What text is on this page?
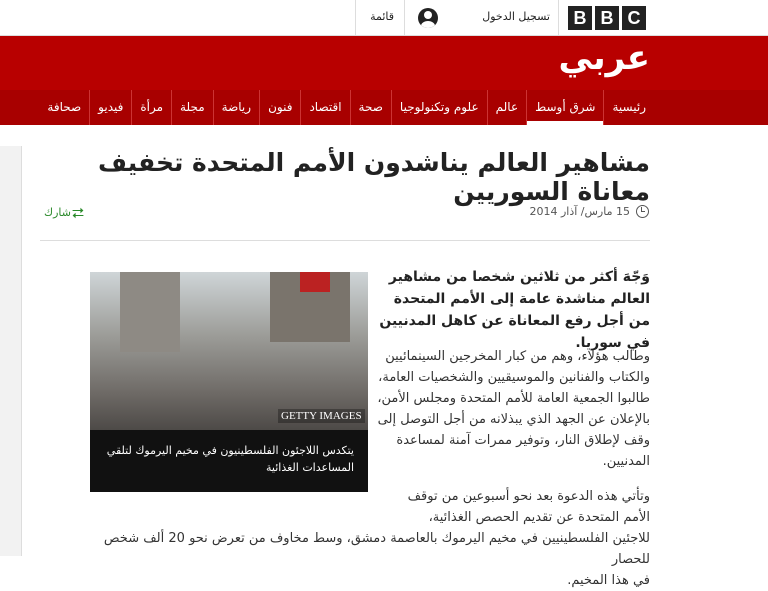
B B C
تسجيل الدخول
قائمة
عربي
رئيسية
شرق أوسط
عالم
علوم وتكنولوجيا
صحة
اقتصاد
فنون
رياضة
مجلة
مرأة
فيديو
صحافة
مشاهير العالم يناشدون الأمم المتحدة تخفيف معاناة السوريين
15 مارس/ آذار 2014
⮂
شارك
GETTY IMAGES
يتكدس اللاجئون الفلسطينيون في مخيم اليرموك لتلقي المساعدات الغذائية

وَجّهَ أكثر من ثلاثين شخصا من مشاهير العالم مناشدة عامة إلى الأمم المتحدة من أجل رفع المعاناة عن كاهل المدنيين في سوريا.

وطالب هؤلاء، وهم من كبار المخرجين السينمائيين والكتاب والفنانين والموسيقيين والشخصيات العامة، طالبوا الجمعية العامة للأمم المتحدة ومجلس الأمن، بالإعلان عن الجهد الذي يبذلانه من أجل التوصل إلى وقف لإطلاق النار، وتوفير ممرات آمنة لمساعدة المدنيين.

وتأتي هذه الدعوة بعد نحو أسبوعين من توقف
الأمم المتحدة عن تقديم الحصص الغذائية،
للاجئين الفلسطينيين في مخيم اليرموك بالعاصمة دمشق، وسط مخاوف من تعرض نحو 20 ألف شخص للحصار
في هذا المخيم.
